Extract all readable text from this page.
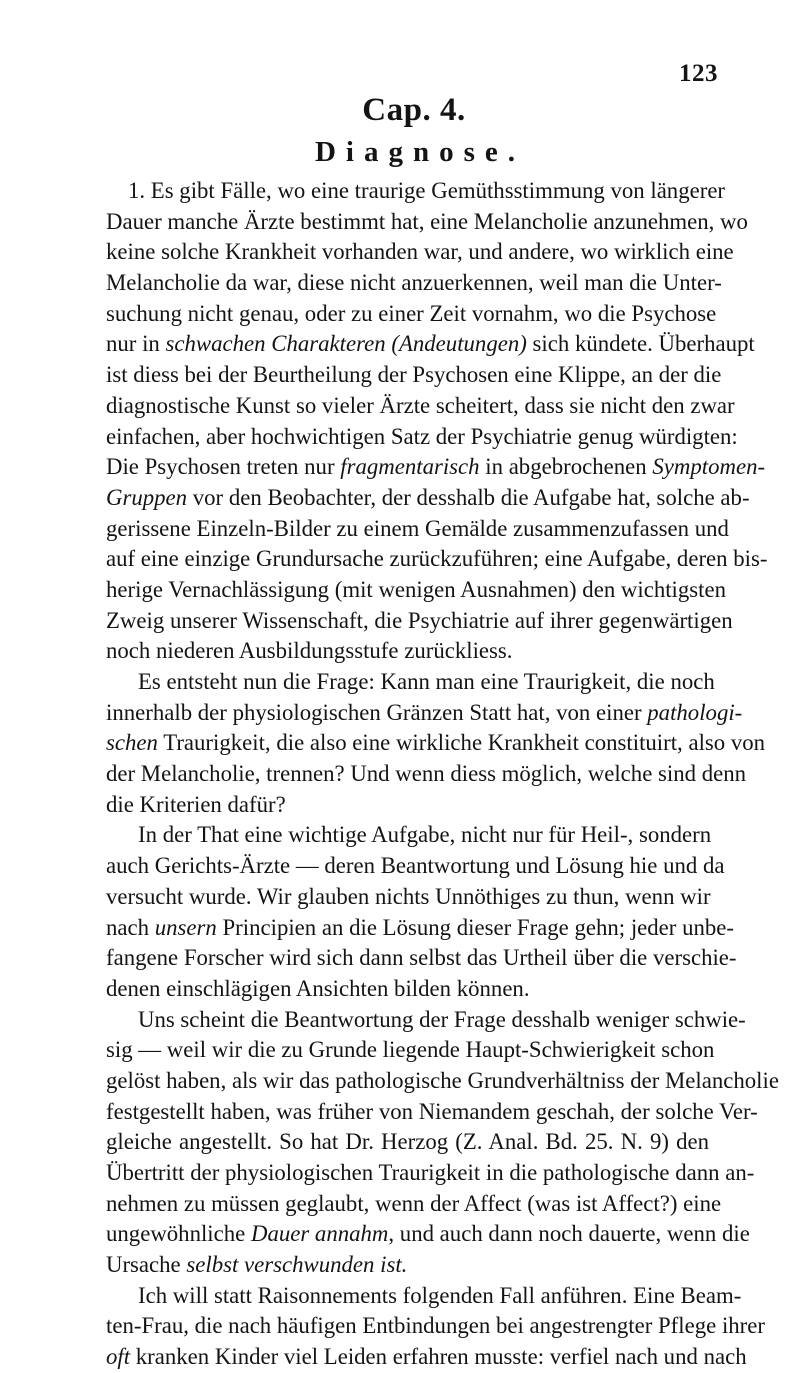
123
Cap. 4.
Diagnose.
1. Es gibt Fälle, wo eine traurige Gemüthsstimmung von längerer
Dauer manche Ärzte bestimmt hat, eine Melancholie anzunehmen, wo
keine solche Krankheit vorhanden war, und andere, wo wirklich eine
Melancholie da war, diese nicht anzuerkennen, weil man die Unter-
suchung nicht genau, oder zu einer Zeit vornahm, wo die Psychose
nur in schwachen Charakteren (Andeutungen) sich kündete. Überhaupt
ist diess bei der Beurtheilung der Psychosen eine Klippe, an der die
diagnostische Kunst so vieler Ärzte scheitert, dass sie nicht den zwar
einfachen, aber hochwichtigen Satz der Psychiatrie genug würdigten:
Die Psychosen treten nur fragmentarisch in abgebrochenen Symptomen-
Gruppen vor den Beobachter, der desshalb die Aufgabe hat, solche ab-
gerissene Einzeln-Bilder zu einem Gemälde zusammenzufassen und
auf eine einzige Grundursache zurückzuführen; eine Aufgabe, deren bis-
herige Vernachlässigung (mit wenigen Ausnahmen) den wichtigsten
Zweig unserer Wissenschaft, die Psychiatrie auf ihrer gegenwärtigen
noch niederen Ausbildungsstufe zurückliess.
Es entsteht nun die Frage: Kann man eine Traurigkeit, die noch
innerhalb der physiologischen Gränzen Statt hat, von einer pathologi-
schen Traurigkeit, die also eine wirkliche Krankheit constituirt, also von
der Melancholie, trennen? Und wenn diess möglich, welche sind denn
die Kriterien dafür?
In der That eine wichtige Aufgabe, nicht nur für Heil-, sondern
auch Gerichts-Ärzte — deren Beantwortung und Lösung hie und da
versucht wurde. Wir glauben nichts Unnöthiges zu thun, wenn wir
nach unsern Principien an die Lösung dieser Frage gehn; jeder unbe-
fangene Forscher wird sich dann selbst das Urtheil über die verschie-
denen einschlägigen Ansichten bilden können.
Uns scheint die Beantwortung der Frage desshalb weniger schwie-
sig — weil wir die zu Grunde liegende Haupt-Schwierigkeit schon
gelöst haben, als wir das pathologische Grundverhältniss der Melancholie
festgestellt haben, was früher von Niemandem geschah, der solche Ver-
gleiche angestellt. So hat Dr. Herzog (Z. Anal. Bd. 25. N. 9) den
Übertritt der physiologischen Traurigkeit in die pathologische dann an-
nehmen zu müssen geglaubt, wenn der Affect (was ist Affect?) eine
ungewöhnliche Dauer annahm, und auch dann noch dauerte, wenn die
Ursache selbst verschwunden ist.
Ich will statt Raisonnements folgenden Fall anführen. Eine Beam-
ten-Frau, die nach häufigen Entbindungen bei angestrengter Pflege ihrer
oft kranken Kinder viel Leiden erfahren musste: verfiel nach und nach
